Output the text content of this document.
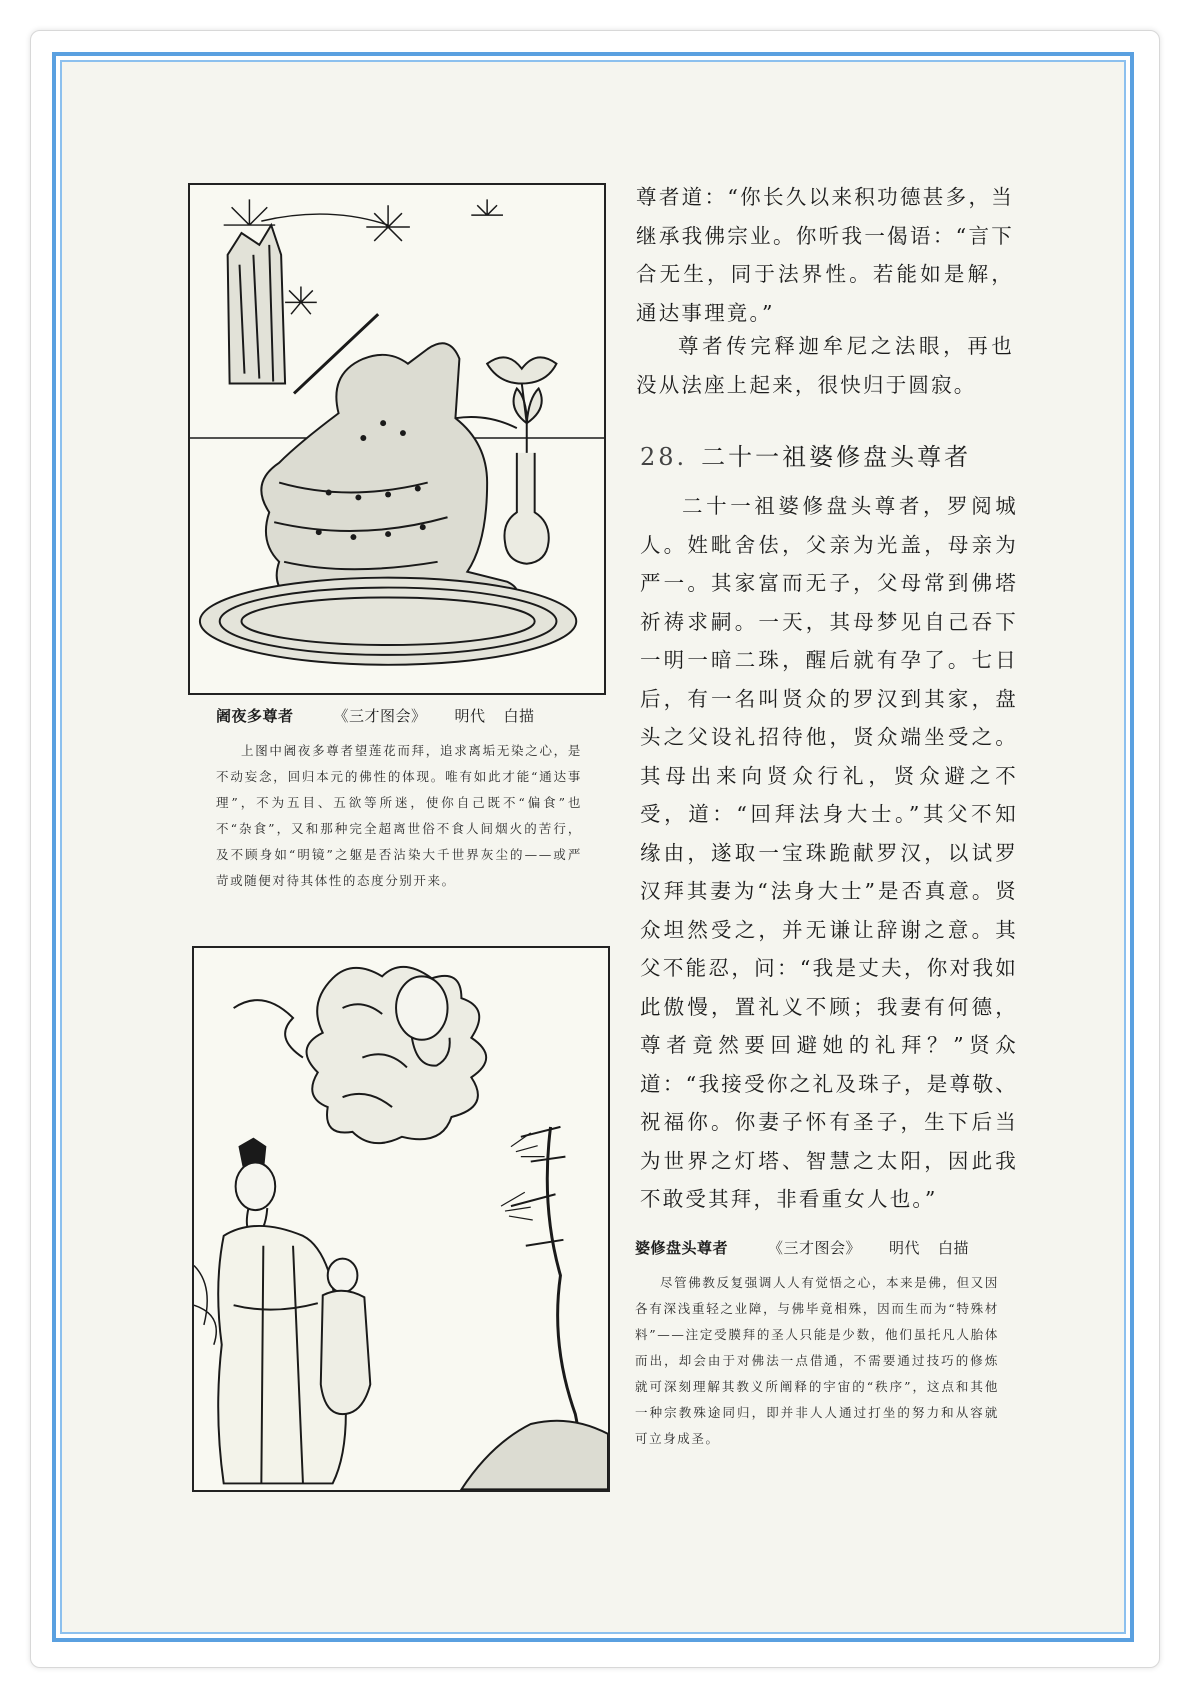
阇夜多尊者	《三才图会》 明代 白描
上图中阇夜多尊者望莲花而拜，追求离垢无染之心，是不动妄念，回归本元的佛性的体现。唯有如此才能“通达事理”，不为五目、五欲等所迷，使你自己既不“偏食”也不“杂食”，又和那种完全超离世俗不食人间烟火的苦行，及不顾身如“明镜”之躯是否沾染大千世界灰尘的——或严苛或随便对待其体性的态度分别开来。
婆修盘头尊者	《三才图会》 明代 白描
尽管佛教反复强调人人有觉悟之心，本来是佛，但又因各有深浅重轻之业障，与佛毕竟相殊，因而生而为“特殊材料”——注定受膜拜的圣人只能是少数，他们虽托凡人胎体而出，却会由于对佛法一点借通，不需要通过技巧的修炼就可深刻理解其教义所阐释的宇宙的“秩序”，这点和其他一种宗教殊途同归，即并非人人通过打坐的努力和从容就可立身成圣。
尊者道：“你长久以来积功德甚多，当继承我佛宗业。你听我一偈语：“言下合无生，同于法界性。若能如是解，通达事理竟。”
尊者传完释迦牟尼之法眼，再也没从法座上起来，很快归于圆寂。
28. 二十一祖婆修盘头尊者
二十一祖婆修盘头尊者，罗阅城人。姓毗舍佉，父亲为光盖，母亲为严一。其家富而无子，父母常到佛塔祈祷求嗣。一天，其母梦见自己吞下一明一暗二珠，醒后就有孕了。七日后，有一名叫贤众的罗汉到其家，盘头之父设礼招待他，贤众端坐受之。其母出来向贤众行礼，贤众避之不受，道：“回拜法身大士。”其父不知缘由，遂取一宝珠跪献罗汉，以试罗汉拜其妻为“法身大士”是否真意。贤众坦然受之，并无谦让辞谢之意。其父不能忍，问：“我是丈夫，你对我如此傲慢，置礼义不顾；我妻有何德，尊者竟然要回避她的礼拜？”贤众道：“我接受你之礼及珠子，是尊敬、祝福你。你妻子怀有圣子，生下后当为世界之灯塔、智慧之太阳，因此我不敢受其拜，非看重女人也。”
